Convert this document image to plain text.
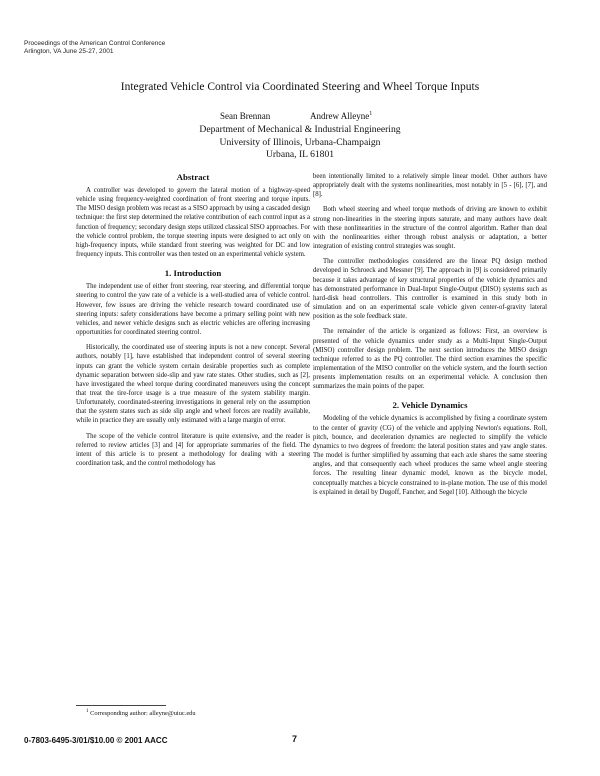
Proceedings of the American Control Conference
Arlington, VA June 25-27, 2001
Integrated Vehicle Control via Coordinated Steering and Wheel Torque Inputs
Sean Brennan	Andrew Alleyne$^1$
Department of Mechanical & Industrial Engineering
University of Illinois, Urbana-Champaign
Urbana, IL 61801
Abstract

A controller was developed to govern the lateral motion of a highway-speed vehicle using frequency-weighted coordination of front steering and torque inputs. The MISO design problem was recast as a SISO approach by using a cascaded design technique: the first step determined the relative contribution of each control input as a function of frequency; secondary design steps utilized classical SISO approaches. For the vehicle control problem, the torque steering inputs were designed to act only on high-frequency inputs, while standard front steering was weighted for DC and low frequency inputs. This controller was then tested on an experimental vehicle system.

1. Introduction

The independent use of either front steering, rear steering, and differential torque steering to control the yaw rate of a vehicle is a well-studied area of vehicle control. However, few issues are driving the vehicle research toward coordinated use of steering inputs: safety considerations have become a primary selling point with new vehicles, and newer vehicle designs such as electric vehicles are offering increasing opportunities for coordinated steering control.

Historically, the coordinated use of steering inputs is not a new concept. Several authors, notably [1], have established that independent control of several steering inputs can grant the vehicle system certain desirable properties such as complete dynamic separation between side-slip and yaw rate states. Other studies, such as [2], have investigated the wheel torque during coordinated maneuvers using the concept that treat the tire-force usage is a true measure of the system stability margin. Unfortunately, coordinated-steering investigations in general rely on the assumption that the system states such as side slip angle and wheel forces are readily available, while in practice they are usually only estimated with a large margin of error.

The scope of the vehicle control literature is quite extensive, and the reader is referred to review articles [3] and [4] for appropriate summaries of the field. The intent of this article is to present a methodology for dealing with a steering coordination task, and the control methodology has

been intentionally limited to a relatively simple linear model. Other authors have appropriately dealt with the systems nonlinearities, most notably in [5 - [6], [7], and [8].

Both wheel steering and wheel torque methods of driving are known to exhibit strong non-linearities in the steering inputs saturate, and many authors have dealt with these nonlinearities in the structure of the control algorithm. Rather than deal with the nonlinearities either through robust analysis or adaptation, a better integration of existing control strategies was sought.

The controller methodologies considered are the linear PQ design method developed in Schroeck and Messner [9]. The approach in [9] is considered primarily because it takes advantage of key structural properties of the vehicle dynamics and has demonstrated performance in Dual-Input Single-Output (DISO) systems such as hard-disk head controllers. This controller is examined in this study both in simulation and on an experimental scale vehicle given center-of-gravity lateral position as the sole feedback state.

The remainder of the article is organized as follows: First, an overview is presented of the vehicle dynamics under study as a Multi-Input Single-Output (MISO) controller design problem. The next section introduces the MISO design technique referred to as the PQ controller. The third section examines the specific implementation of the MISO controller on the vehicle system, and the fourth section presents implementation results on an experimental vehicle. A conclusion then summarizes the main points of the paper.

2. Vehicle Dynamics

Modeling of the vehicle dynamics is accomplished by fixing a coordinate system to the center of gravity (CG) of the vehicle and applying Newton's equations. Roll, pitch, bounce, and deceleration dynamics are neglected to simplify the vehicle dynamics to two degrees of freedom: the lateral position states and yaw angle states. The model is further simplified by assuming that each axle shares the same steering angles, and that consequently each wheel produces the same wheel angle steering forces. The resulting linear dynamic model, known as the bicycle model, conceptually matches a bicycle constrained to in-plane motion. The use of this model is explained in detail by Dugoff, Fancher, and Segel [10]. Although the bicycle

$^1$ Corresponding author: alleyne@uiuc.edu
0-7803-6495-3/01/$10.00 © 2001 AACC	7
